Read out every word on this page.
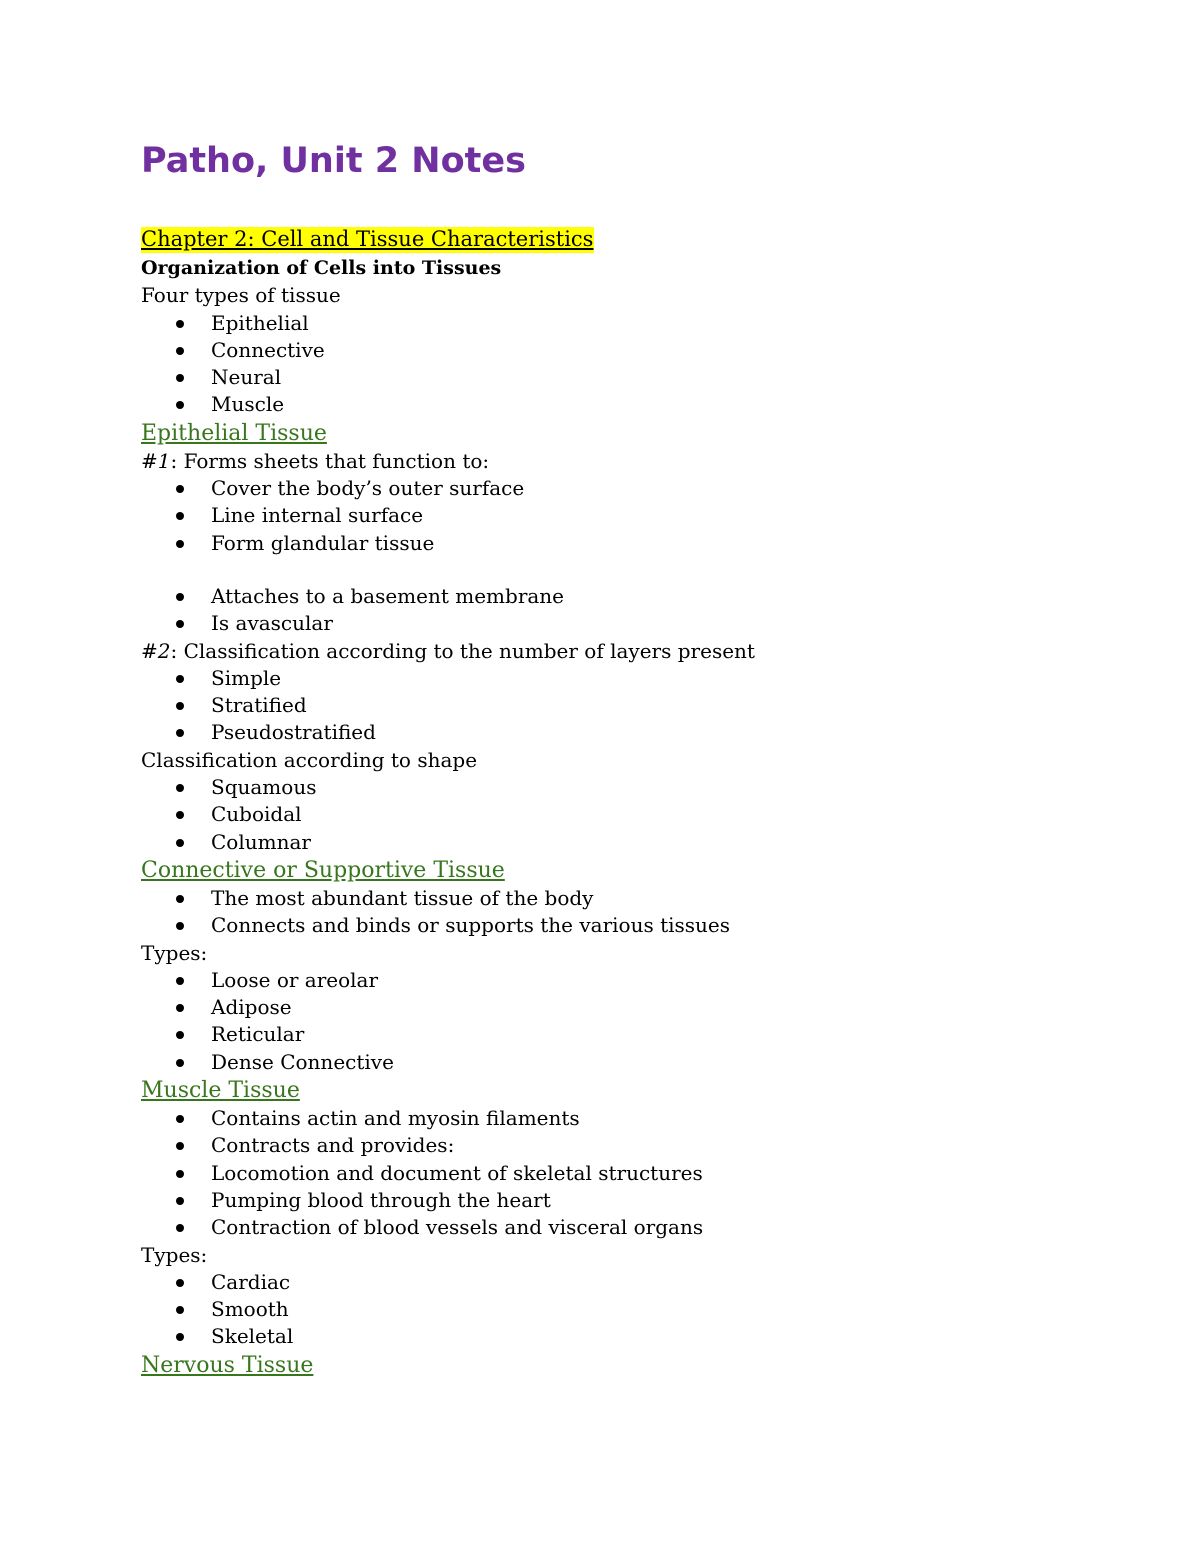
Patho, Unit 2 Notes
Chapter 2: Cell and Tissue Characteristics
Organization of Cells into Tissues
Four types of tissue
Epithelial
Connective
Neural
Muscle
Epithelial Tissue
#1: Forms sheets that function to:
Cover the body’s outer surface
Line internal surface
Form glandular tissue
Attaches to a basement membrane
Is avascular
#2: Classification according to the number of layers present
Simple
Stratified
Pseudostratified
Classification according to shape
Squamous
Cuboidal
Columnar
Connective or Supportive Tissue
The most abundant tissue of the body
Connects and binds or supports the various tissues
Types:
Loose or areolar
Adipose
Reticular
Dense Connective
Muscle Tissue
Contains actin and myosin filaments
Contracts and provides:
Locomotion and document of skeletal structures
Pumping blood through the heart
Contraction of blood vessels and visceral organs
Types:
Cardiac
Smooth
Skeletal
Nervous Tissue
